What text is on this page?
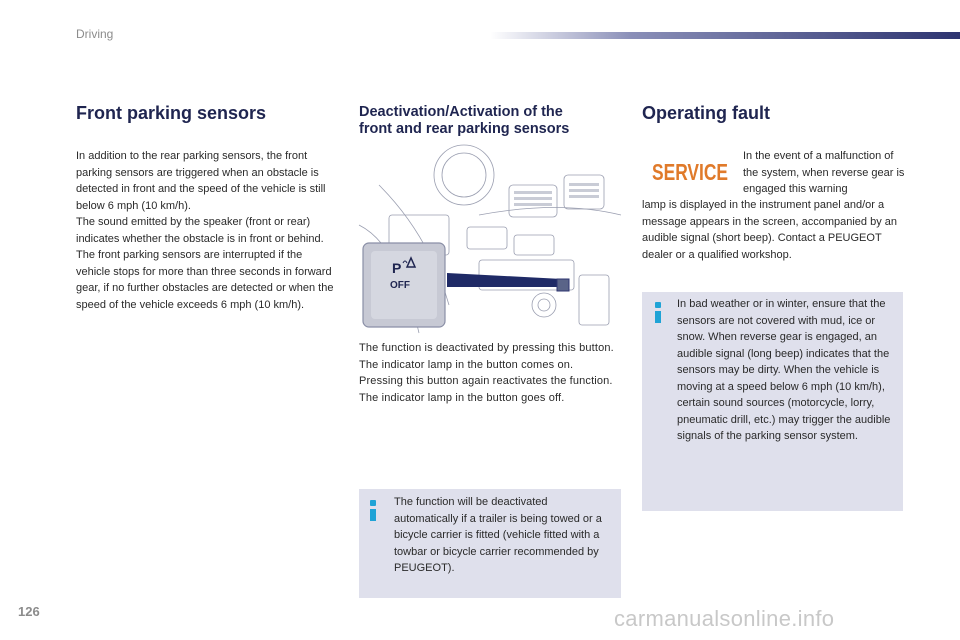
Driving
Front parking sensors

In addition to the rear parking sensors, the front parking sensors are triggered when an obstacle is detected in front and the speed of the vehicle is still below 6 mph (10 km/h).

The sound emitted by the speaker (front or rear) indicates whether the obstacle is in front or behind.

The front parking sensors are interrupted if the vehicle stops for more than three seconds in forward gear, if no further obstacles are detected or when the speed of the vehicle exceeds 6 mph (10 km/h).

Deactivation/Activation of the
front and rear parking sensors
P
OFF

The function is deactivated by pressing this button. The indicator lamp in the button comes on.

Pressing this button again reactivates the function. The indicator lamp in the button goes off.

The function will be deactivated automatically if a trailer is being towed or a bicycle carrier is fitted (vehicle fitted with a towbar or bicycle carrier recommended by PEUGEOT).
Operating fault
SERVICE
In the event of a malfunction of the system, when reverse gear is engaged this warning
lamp is displayed in the instrument panel and/or a message appears in the screen, accompanied by an audible signal (short beep). Contact a PEUGEOT dealer or a qualified workshop.
In bad weather or in winter, ensure that the sensors are not covered with mud, ice or snow. When reverse gear is engaged, an audible signal (long beep) indicates that the sensors may be dirty. When the vehicle is moving at a speed below 6 mph (10 km/h), certain sound sources (motorcycle, lorry, pneumatic drill, etc.) may trigger the audible signals of the parking sensor system.
126	carmanualsonline.info
